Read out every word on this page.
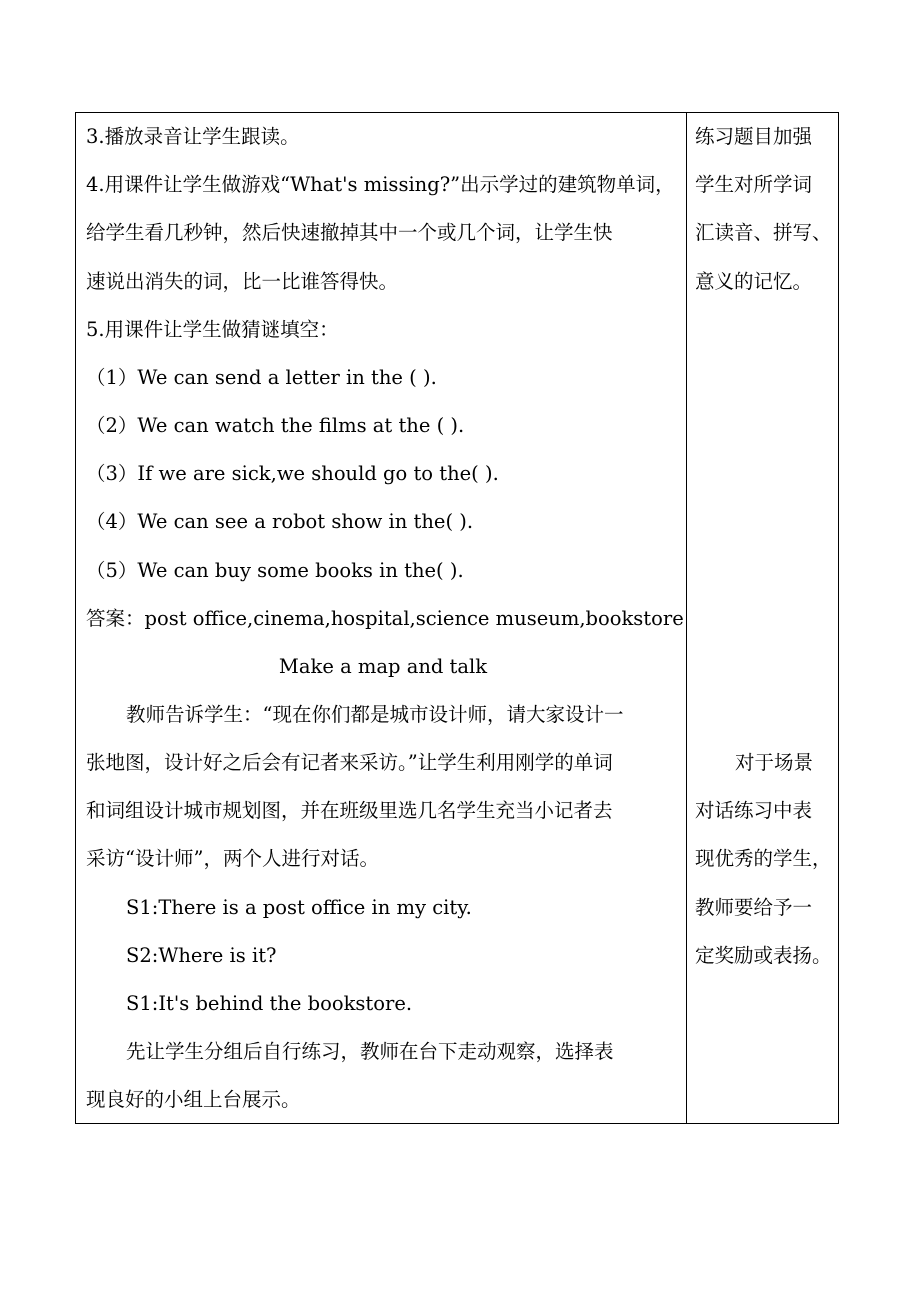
3.播放录音让学生跟读。
4.用课件让学生做游戏“What's missing?”出示学过的建筑物单词，
给学生看几秒钟，然后快速撤掉其中一个或几个词，让学生快
速说出消失的词，比一比谁答得快。
5.用课件让学生做猜谜填空：
（1）We can send a letter in the ( ).
（2）We can watch the films at the ( ).
（3）If we are sick,we should go to the( ).
（4）We can see a robot show in the( ).
（5）We can buy some books in the( ).
答案：post office,cinema,hospital,science museum,bookstore
Make a map and talk
教师告诉学生：“现在你们都是城市设计师，请大家设计一
张地图，设计好之后会有记者来采访。”让学生利用刚学的单词
和词组设计城市规划图，并在班级里选几名学生充当小记者去
采访“设计师”，两个人进行对话。
S1:There is a post office in my city.
S2:Where is it?
S1:It's behind the bookstore.
先让学生分组后自行练习，教师在台下走动观察，选择表
现良好的小组上台展示。
练习题目加强
学生对所学词
汇读音、拼写、
意义的记忆。
对于场景
对话练习中表
现优秀的学生，
教师要给予一
定奖励或表扬。
